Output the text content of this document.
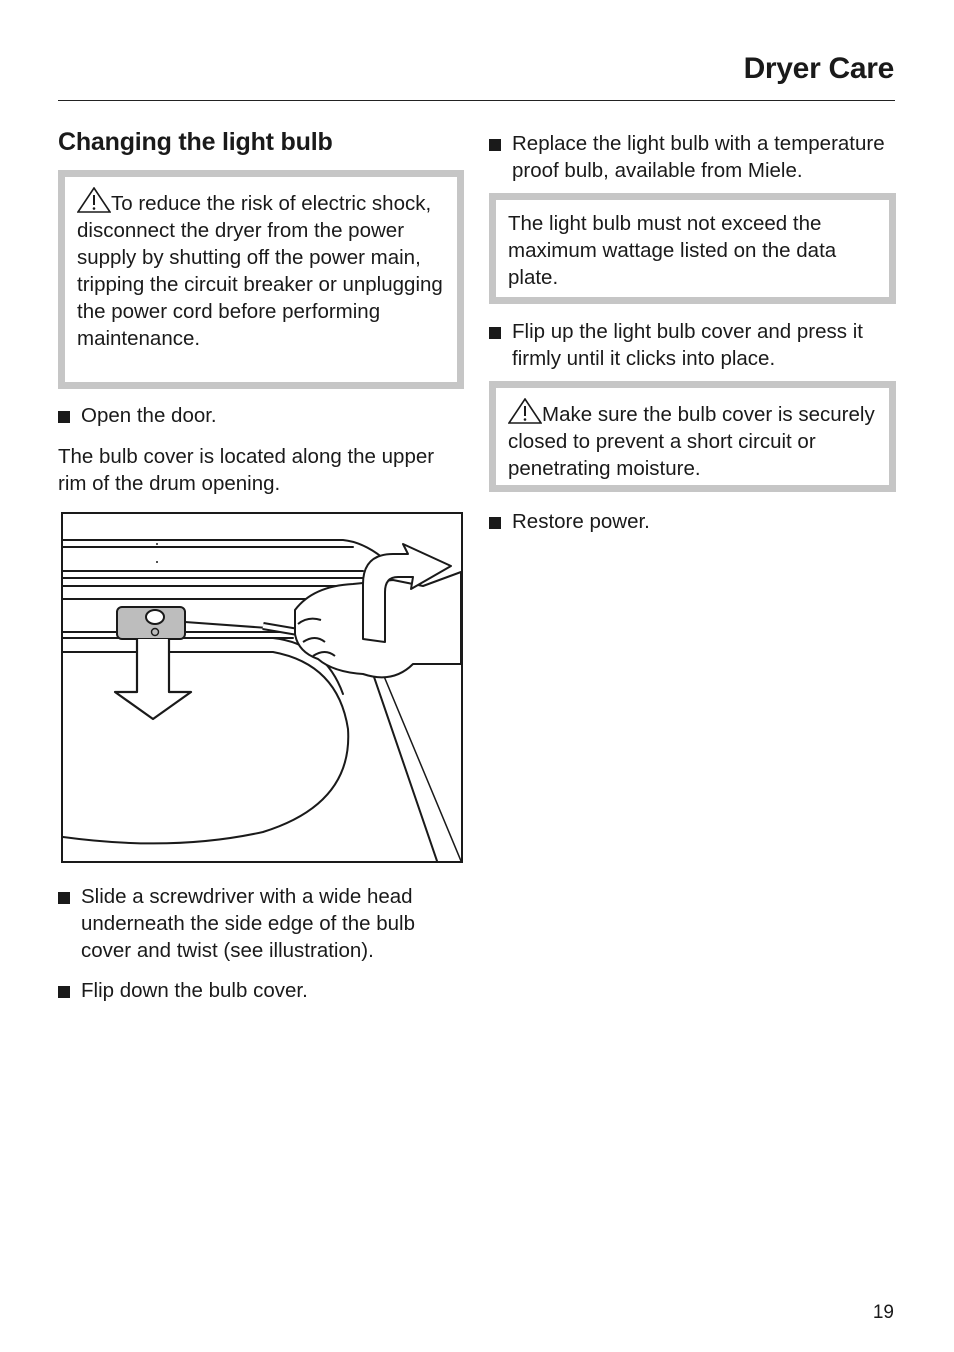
Dryer Care
Changing the light bulb
To reduce the risk of electric shock, disconnect the dryer from the power supply by shutting off the power main, tripping the circuit breaker or unplugging the power cord before performing maintenance.
Open the door.
The bulb cover is located along the upper rim of the drum opening.
Slide a screwdriver with a wide head underneath the side edge of the bulb cover and twist (see illustration).
Flip down the bulb cover.
Replace the light bulb with a temperature proof bulb, available from Miele.
The light bulb must not exceed the maximum wattage listed on the data plate.
Flip up the light bulb cover and press it firmly until it clicks into place.
Make sure the bulb cover is securely closed to prevent a short circuit or penetrating moisture.
Restore power.
19
